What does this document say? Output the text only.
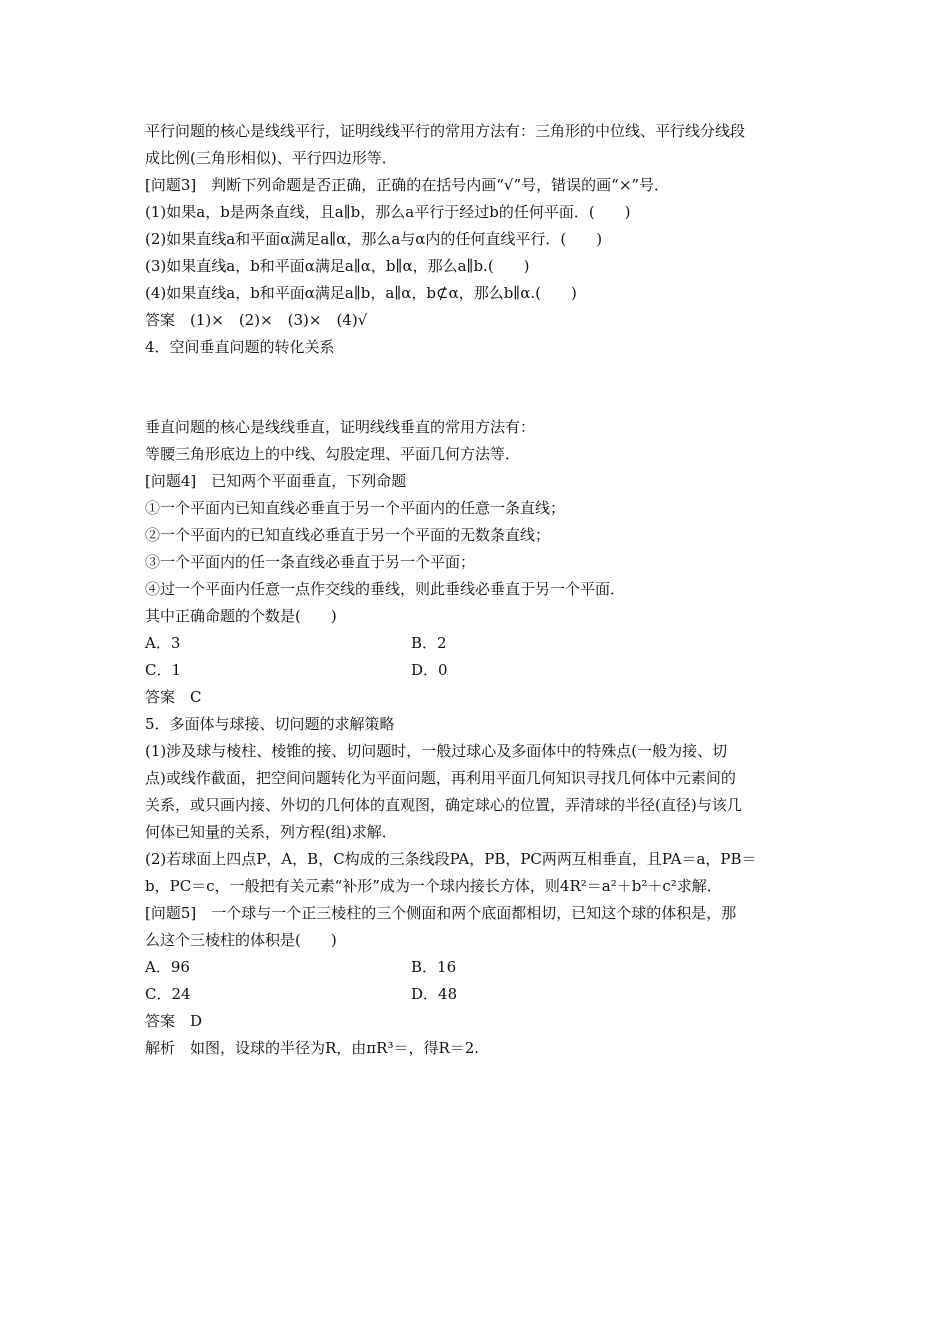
平行问题的核心是线线平行，证明线线平行的常用方法有：三角形的中位线、平行线分线段
成比例(三角形相似)、平行四边形等．
[问题3]　判断下列命题是否正确，正确的在括号内画“√”号，错误的画“×”号．
(1)如果a，b是两条直线，且a∥b，那么a平行于经过b的任何平面．(　　)
(2)如果直线a和平面α满足a∥α，那么a与α内的任何直线平行．(　　)
(3)如果直线a，b和平面α满足a∥α，b∥α，那么a∥b.(　　)
(4)如果直线a，b和平面α满足a∥b，a∥α，b⊄α，那么b∥α.(　　)
答案　(1)×　(2)×　(3)×　(4)√
4．空间垂直问题的转化关系
垂直问题的核心是线线垂直，证明线线垂直的常用方法有：
等腰三角形底边上的中线、勾股定理、平面几何方法等．
[问题4]　已知两个平面垂直，下列命题
①一个平面内已知直线必垂直于另一个平面内的任意一条直线；
②一个平面内的已知直线必垂直于另一个平面的无数条直线；
③一个平面内的任一条直线必垂直于另一个平面；
④过一个平面内任意一点作交线的垂线，则此垂线必垂直于另一个平面．
其中正确命题的个数是(　　)
A．3	B．2
C．1	D．0
答案　C
5．多面体与球接、切问题的求解策略
(1)涉及球与棱柱、棱锥的接、切问题时，一般过球心及多面体中的特殊点(一般为接、切
点)或线作截面，把空间问题转化为平面问题，再利用平面几何知识寻找几何体中元素间的
关系，或只画内接、外切的几何体的直观图，确定球心的位置，弄清球的半径(直径)与该几
何体已知量的关系，列方程(组)求解．
(2)若球面上四点P，A，B，C构成的三条线段PA，PB，PC两两互相垂直，且PA＝a，PB＝
b，PC＝c，一般把有关元素“补形”成为一个球内接长方体，则4R²＝a²＋b²＋c²求解．
[问题5]　一个球与一个正三棱柱的三个侧面和两个底面都相切，已知这个球的体积是，那
么这个三棱柱的体积是(　　)
A．96	B．16
C．24	D．48
答案　D
解析　如图，设球的半径为R，由πR³＝，得R＝2.
